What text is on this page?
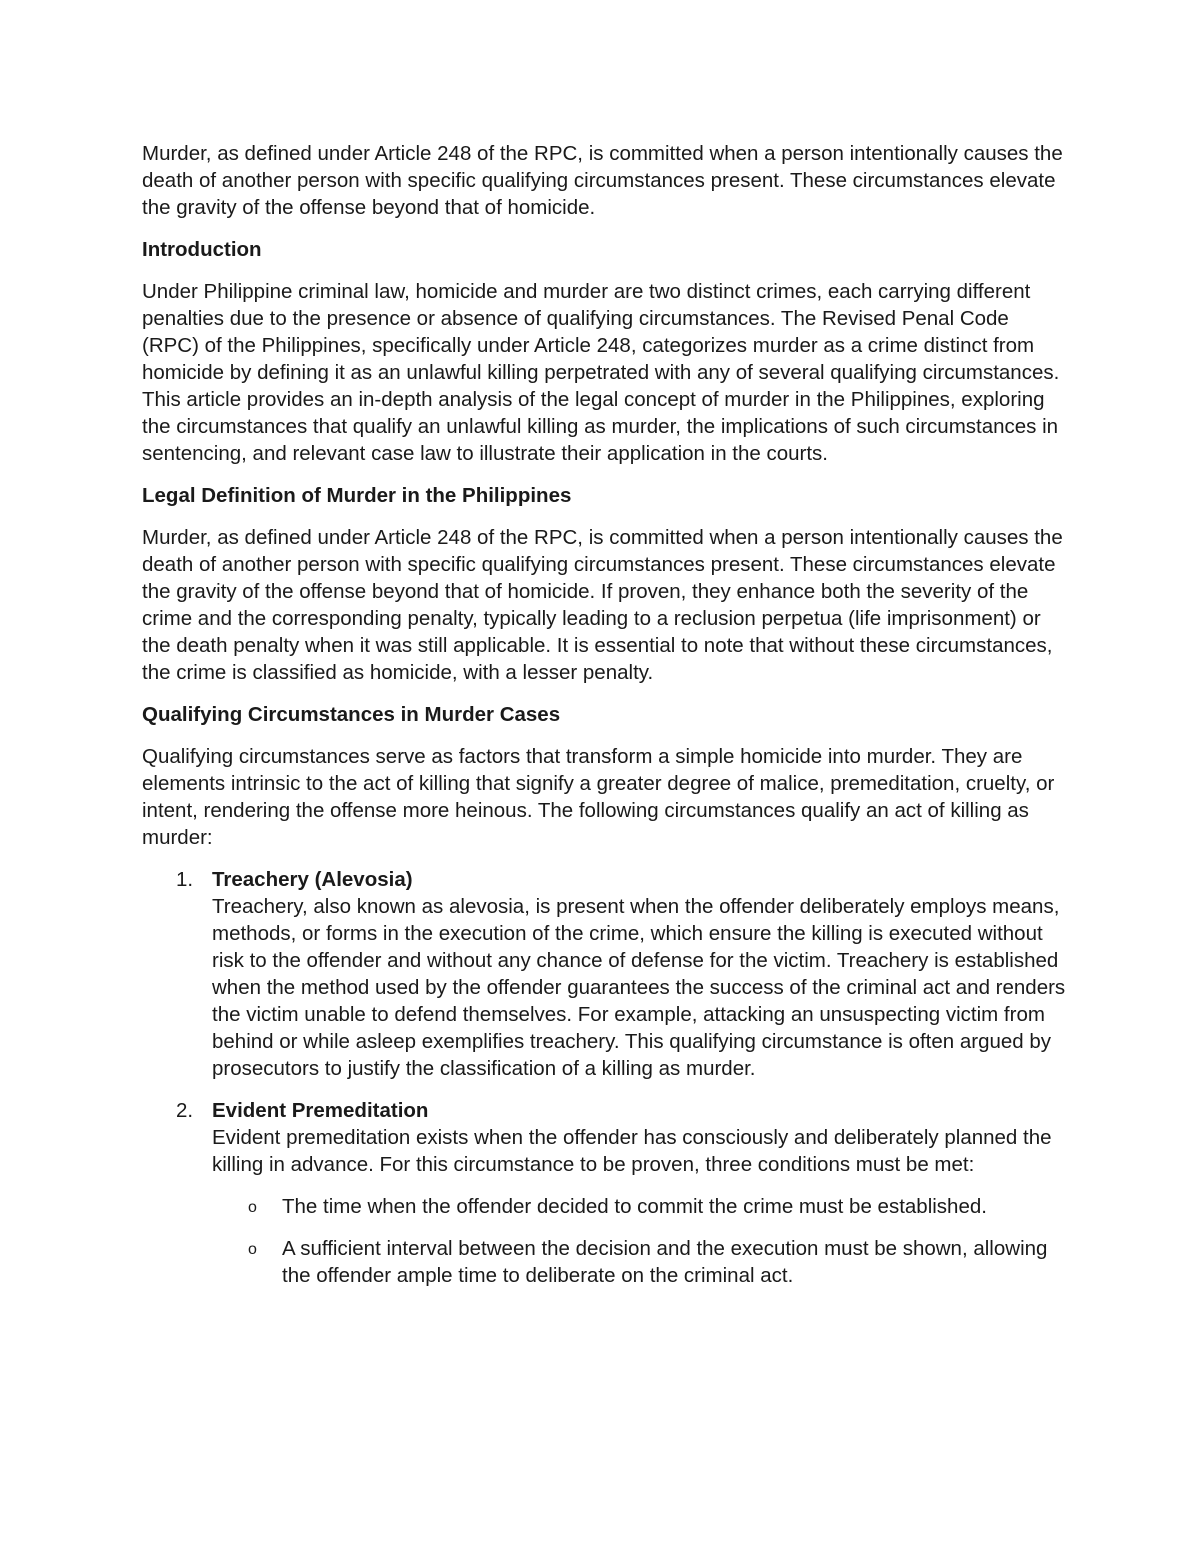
Murder, as defined under Article 248 of the RPC, is committed when a person intentionally causes the death of another person with specific qualifying circumstances present. These circumstances elevate the gravity of the offense beyond that of homicide.

Introduction

Under Philippine criminal law, homicide and murder are two distinct crimes, each carrying different penalties due to the presence or absence of qualifying circumstances. The Revised Penal Code (RPC) of the Philippines, specifically under Article 248, categorizes murder as a crime distinct from homicide by defining it as an unlawful killing perpetrated with any of several qualifying circumstances. This article provides an in-depth analysis of the legal concept of murder in the Philippines, exploring the circumstances that qualify an unlawful killing as murder, the implications of such circumstances in sentencing, and relevant case law to illustrate their application in the courts.

Legal Definition of Murder in the Philippines

Murder, as defined under Article 248 of the RPC, is committed when a person intentionally causes the death of another person with specific qualifying circumstances present. These circumstances elevate the gravity of the offense beyond that of homicide. If proven, they enhance both the severity of the crime and the corresponding penalty, typically leading to a reclusion perpetua (life imprisonment) or the death penalty when it was still applicable. It is essential to note that without these circumstances, the crime is classified as homicide, with a lesser penalty.

Qualifying Circumstances in Murder Cases

Qualifying circumstances serve as factors that transform a simple homicide into murder. They are elements intrinsic to the act of killing that signify a greater degree of malice, premeditation, cruelty, or intent, rendering the offense more heinous. The following circumstances qualify an act of killing as murder:

1. Treachery (Alevosia)
Treachery, also known as alevosia, is present when the offender deliberately employs means, methods, or forms in the execution of the crime, which ensure the killing is executed without risk to the offender and without any chance of defense for the victim. Treachery is established when the method used by the offender guarantees the success of the criminal act and renders the victim unable to defend themselves. For example, attacking an unsuspecting victim from behind or while asleep exemplifies treachery. This qualifying circumstance is often argued by prosecutors to justify the classification of a killing as murder.
2. Evident Premeditation
Evident premeditation exists when the offender has consciously and deliberately planned the killing in advance. For this circumstance to be proven, three conditions must be met:
o The time when the offender decided to commit the crime must be established.
o A sufficient interval between the decision and the execution must be shown, allowing the offender ample time to deliberate on the criminal act.
